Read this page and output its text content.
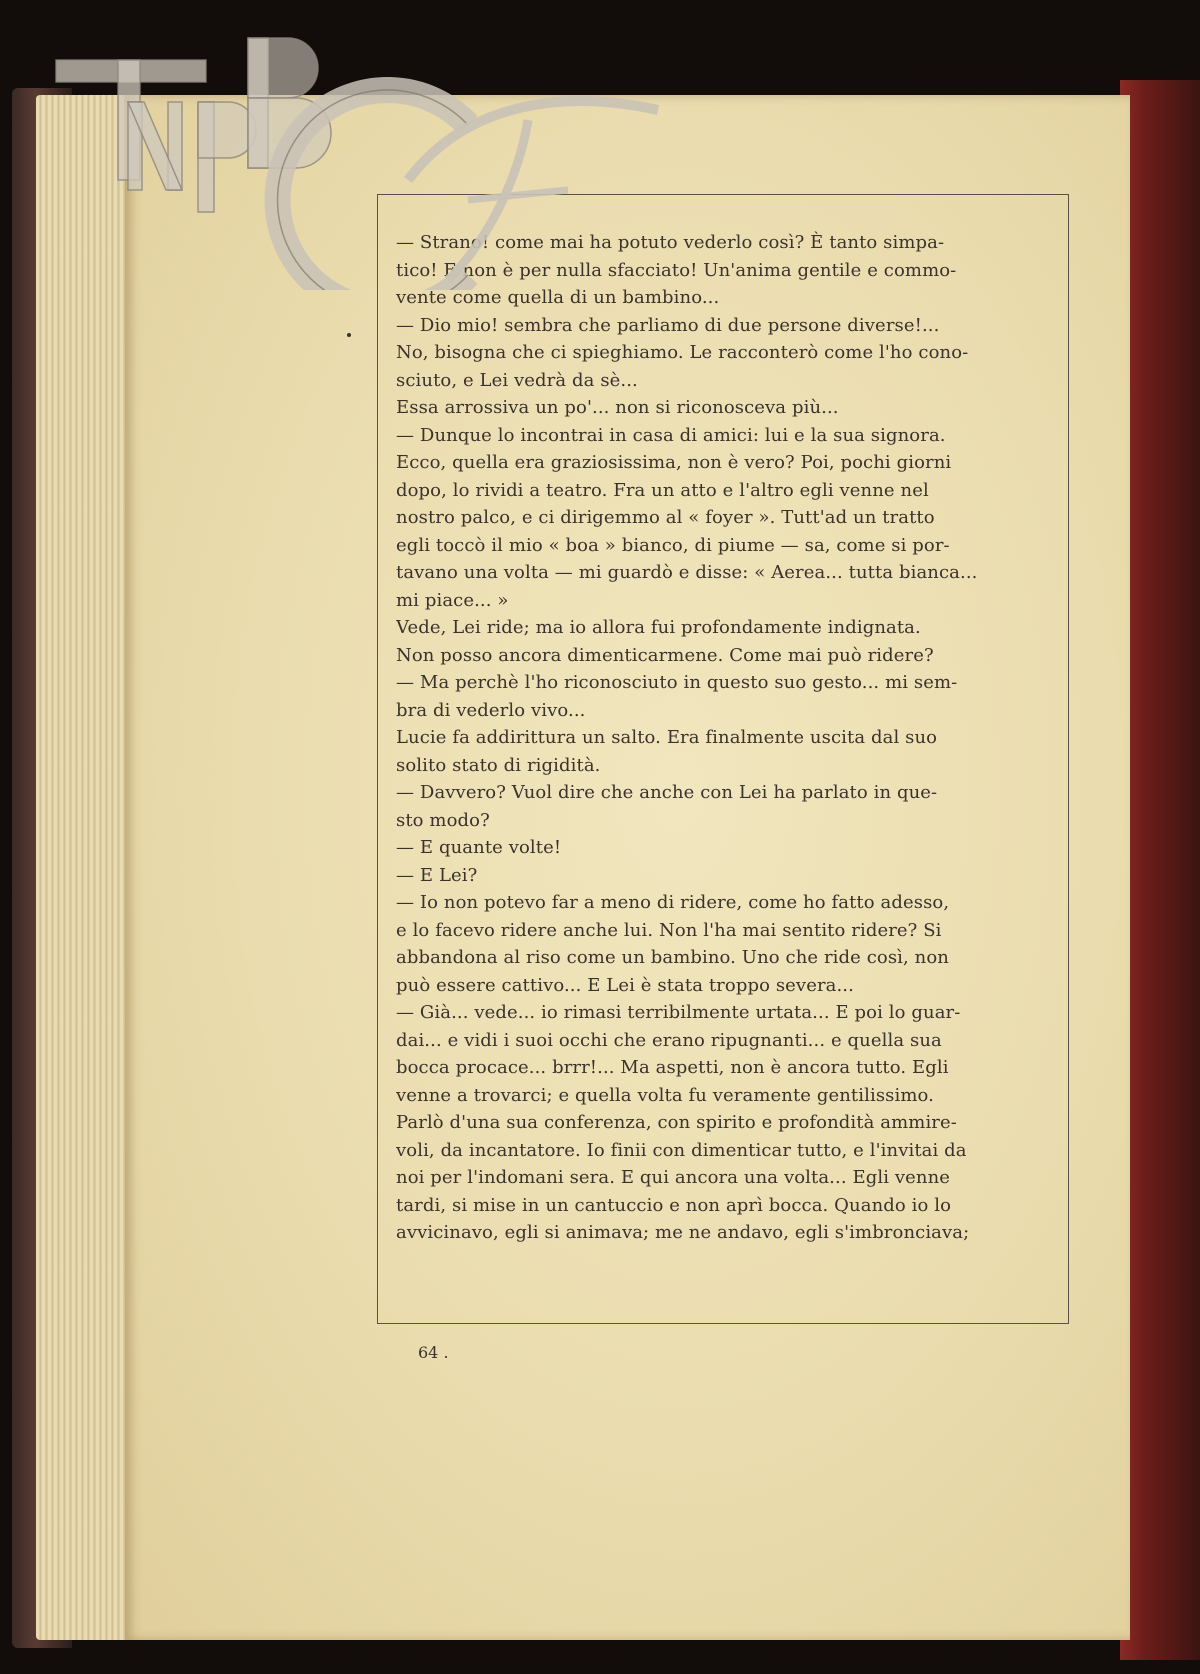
— Strano! come mai ha potuto vederlo così? È tanto simpa-
tico! E non è per nulla sfacciato! Un'anima gentile e commo-
vente come quella di un bambino...
— Dio mio! sembra che parliamo di due persone diverse!...
No, bisogna che ci spieghiamo. Le racconterò come l'ho cono-
sciuto, e Lei vedrà da sè...
Essa arrossiva un po'... non si riconosceva più...
— Dunque lo incontrai in casa di amici: lui e la sua signora.
Ecco, quella era graziosissima, non è vero? Poi, pochi giorni
dopo, lo rividi a teatro. Fra un atto e l'altro egli venne nel
nostro palco, e ci dirigemmo al « foyer ». Tutt'ad un tratto
egli toccò il mio « boa » bianco, di piume — sa, come si por-
tavano una volta — mi guardò e disse: « Aerea... tutta bianca...
mi piace... »
Vede, Lei ride; ma io allora fui profondamente indignata.
Non posso ancora dimenticarmene. Come mai può ridere?
— Ma perchè l'ho riconosciuto in questo suo gesto... mi sem-
bra di vederlo vivo...
Lucie fa addirittura un salto. Era finalmente uscita dal suo
solito stato di rigidità.
— Davvero? Vuol dire che anche con Lei ha parlato in que-
sto modo?
— E quante volte!
— E Lei?
— Io non potevo far a meno di ridere, come ho fatto adesso,
e lo facevo ridere anche lui. Non l'ha mai sentito ridere? Si
abbandona al riso come un bambino. Uno che ride così, non
può essere cattivo... E Lei è stata troppo severa...
— Già... vede... io rimasi terribilmente urtata... E poi lo guar-
dai... e vidi i suoi occhi che erano ripugnanti... e quella sua
bocca procace... brrr!... Ma aspetti, non è ancora tutto. Egli
venne a trovarci; e quella volta fu veramente gentilissimo.
Parlò d'una sua conferenza, con spirito e profondità ammire-
voli, da incantatore. Io finii con dimenticar tutto, e l'invitai da
noi per l'indomani sera. E qui ancora una volta... Egli venne
tardi, si mise in un cantuccio e non aprì bocca. Quando io lo
avvicinavo, egli si animava; me ne andavo, egli s'imbronciava;
64 .
